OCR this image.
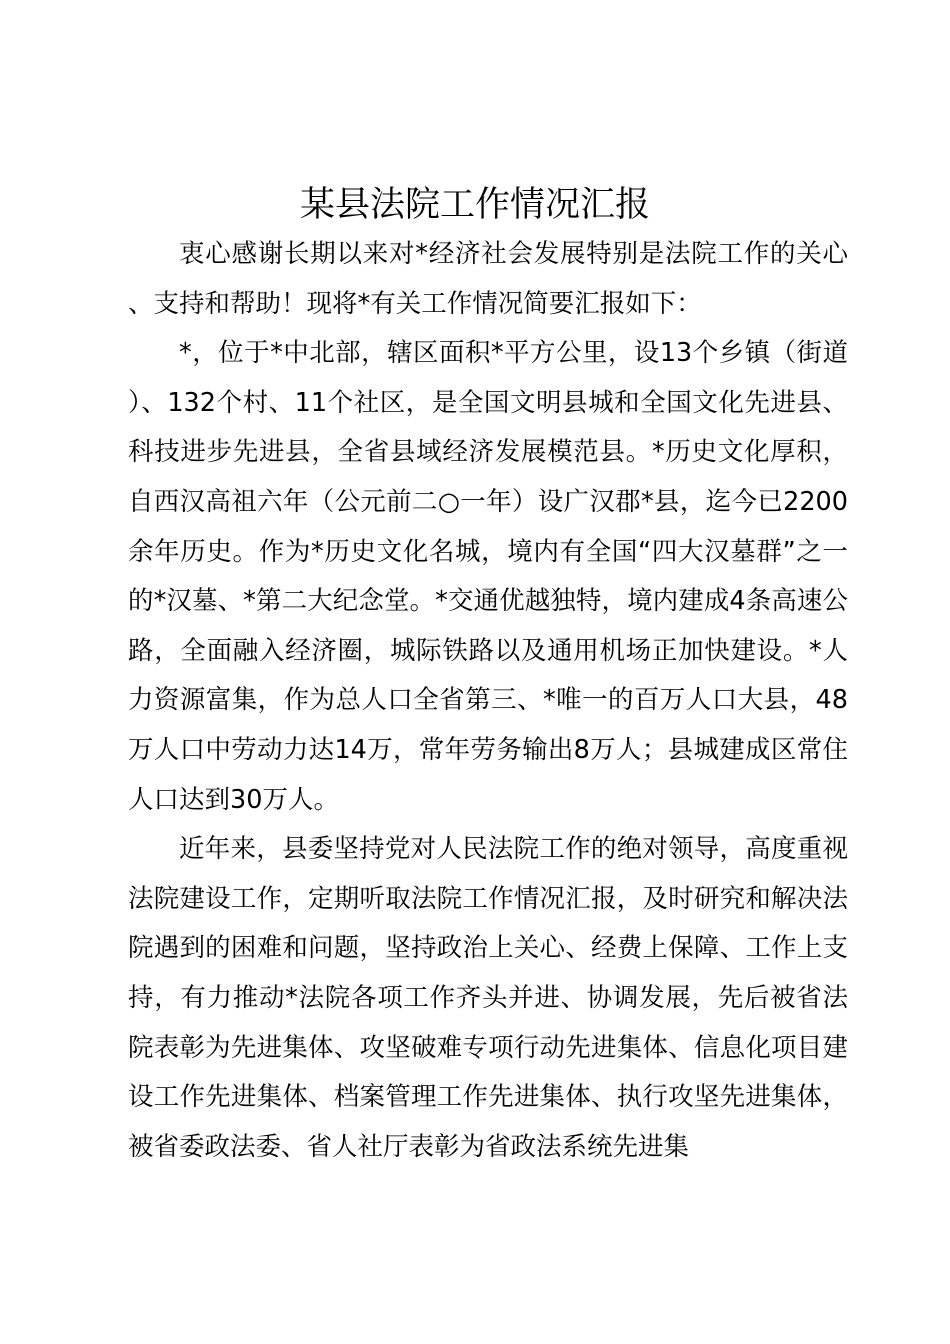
某县法院工作情况汇报

衷心感谢长期以来对*经济社会发展特别是法院工作的关心、支持和帮助！现将*有关工作情况简要汇报如下：

*，位于*中北部，辖区面积*平方公里，设13个乡镇（街道）、132个村、11个社区，是全国文明县城和全国文化先进县、科技进步先进县，全省县域经济发展模范县。*历史文化厚积，自西汉高祖六年（公元前二○一年）设广汉郡*县，迄今已2200余年历史。作为*历史文化名城，境内有全国“四大汉墓群”之一的*汉墓、*第二大纪念堂。*交通优越独特，境内建成4条高速公路，全面融入经济圈，城际铁路以及通用机场正加快建设。*人力资源富集，作为总人口全省第三、*唯一的百万人口大县，48万人口中劳动力达14万，常年劳务输出8万人；县城建成区常住人口达到30万人。

近年来，县委坚持党对人民法院工作的绝对领导，高度重视法院建设工作，定期听取法院工作情况汇报，及时研究和解决法院遇到的困难和问题，坚持政治上关心、经费上保障、工作上支持，有力推动*法院各项工作齐头并进、协调发展，先后被省法院表彰为先进集体、攻坚破难专项行动先进集体、信息化项目建设工作先进集体、档案管理工作先进集体、执行攻坚先进集体，被省委政法委、省人社厅表彰为省政法系统先进集
